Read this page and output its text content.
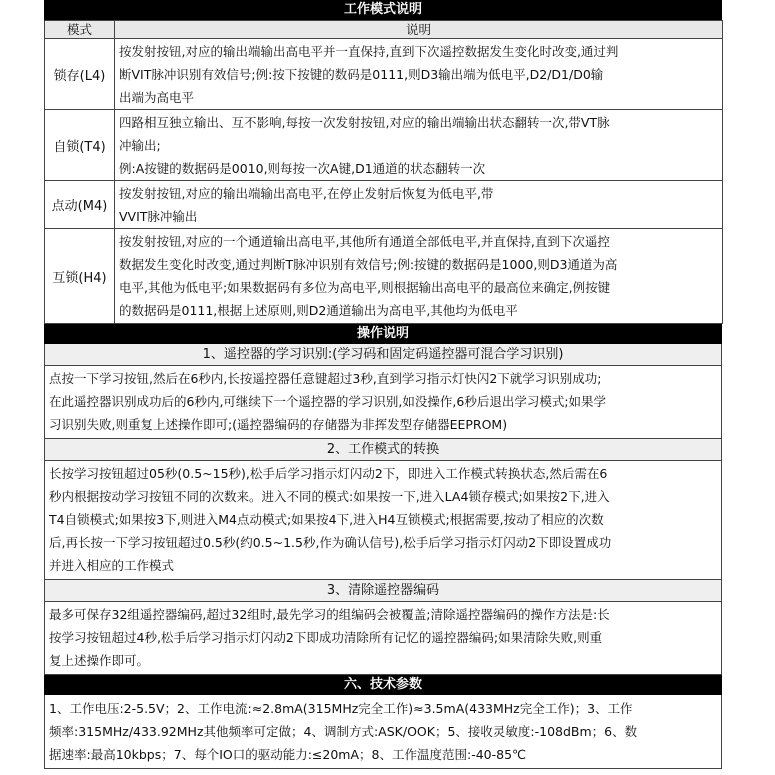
工作模式说明
模式	说明
锁存(L4)	按发射按钮,对应的输出端输出高电平并一直保持,直到下次遥控数据发生变化时改变,通过判
断VIT脉冲识别有效信号;例:按下按键的数码是0111,则D3输出端为低电平,D2/D1/D0输
出端为高电平

自锁(T4)	四路相互独立输出、互不影响,每按一次发射按钮,对应的输出端输出状态翻转一次,带VT脉
冲输出;
例:A按键的数据码是0010,则每按一次A键,D1通道的状态翻转一次

点动(M4)	按发射按钮,对应的输出端输出高电平,在停止发射后恢复为低电平,带
VVIT脉冲输出

互锁(H4)	按发射按钮,对应的一个通道输出高电平,其他所有通道全部低电平,并直保持,直到下次遥控
数据发生变化时改变,通过判断T脉冲识别有效信号;例:按键的数据码是1000,则D3通道为高
电平,其他为低电平;如果数据码有多位为高电平,则根据输出高电平的最高位来确定,例按键
的数据码是0111,根据上述原则,则D2通道输出为高电平,其他均为低电平
操作说明
1、遥控器的学习识别:(学习码和固定码遥控器可混合学习识别)
点按一下学习按钮,然后在6秒内,长按遥控器任意键超过3秒,直到学习指示灯快闪2下就学习识别成功;
在此遥控器识别成功后的6秒内,可继续下一个遥控器的学习识别,如没操作,6秒后退出学习模式;如果学
习识别失败,则重复上述操作即可;(遥控器编码的存储器为非挥发型存储器EEPROM)
2、工作模式的转换
长按学习按钮超过05秒(0.5~15秒),松手后学习指示灯闪动2下，即进入工作模式转换状态,然后需在6
秒内根据按动学习按钮不同的次数来。进入不同的模式:如果按一下,进入LA4锁存模式;如果按2下,进入
T4自锁模式;如果按3下,则进入M4点动模式;如果按4下,进入H4互锁模式;根据需要,按动了相应的次数
后,再长按一下学习按钮超过0.5秒(约0.5~1.5秒,作为确认信号),松手后学习指示灯闪动2下即设置成功
并进入相应的工作模式
3、清除遥控器编码
最多可保存32组遥控器编码,超过32组时,最先学习的组编码会被覆盖;清除遥控器编码的操作方法是:长
按学习按钮超过4秒,松手后学习指示灯闪动2下即成功清除所有记忆的遥控器编码;如果清除失败,则重
复上述操作即可。
六、技术参数
1、工作电压:2-5.5V；2、工作电流:≈2.8mA(315MHz完全工作)≈3.5mA(433MHz完全工作)；3、工作
频率:315MHz/433.92MHz其他频率可定做；4、调制方式:ASK/OOK；5、接收灵敏度:-108dBm；6、数
据速率:最高10kbps；7、每个IO口的驱动能力:≤20mA；8、工作温度范围:-40-85℃
